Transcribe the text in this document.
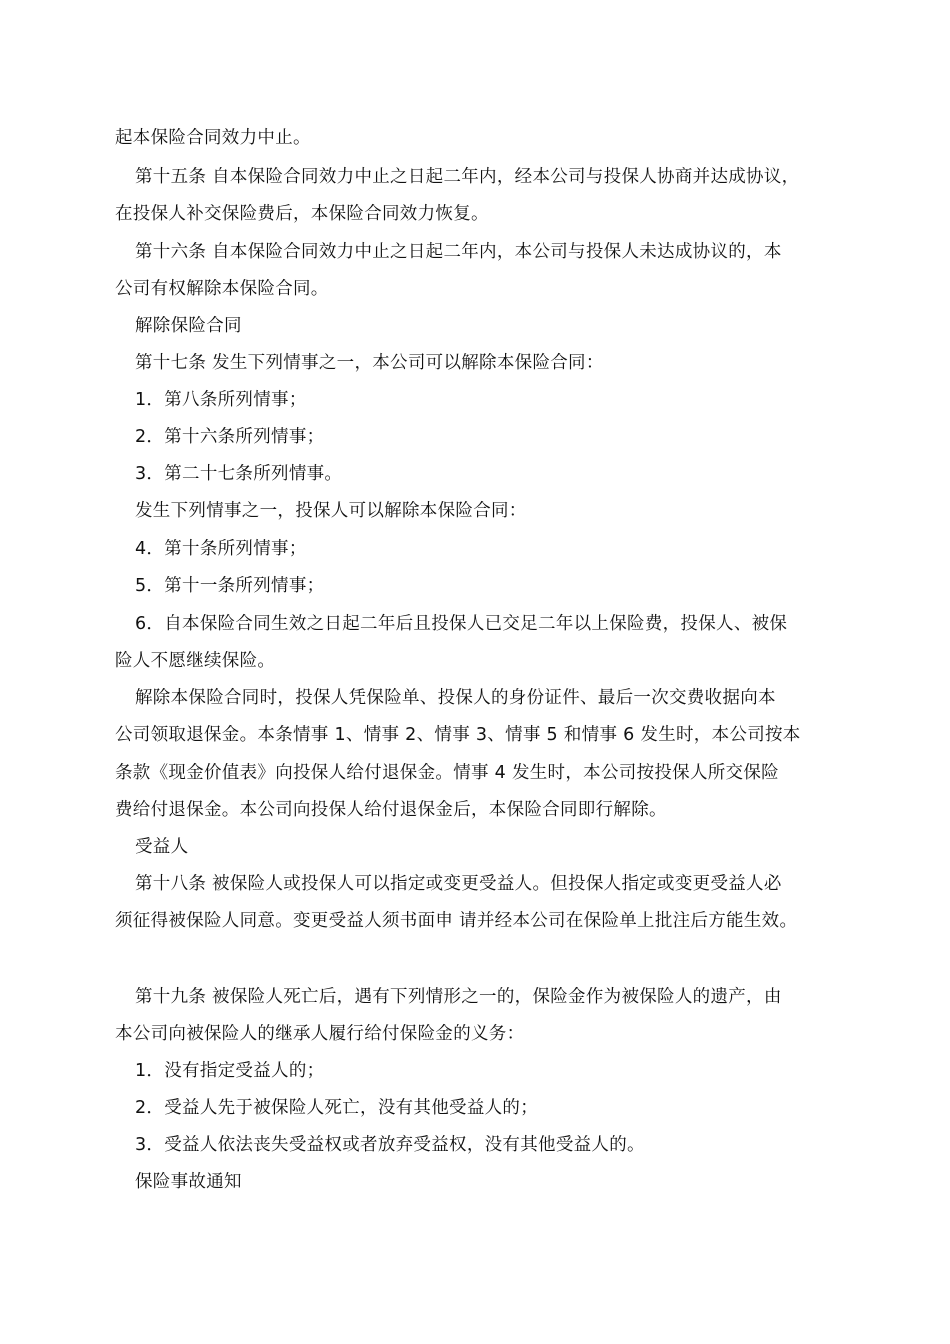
起本保险合同效力中止。
第十五条 自本保险合同效力中止之日起二年内，经本公司与投保人协商并达成协议，
在投保人补交保险费后，本保险合同效力恢复。
第十六条 自本保险合同效力中止之日起二年内，本公司与投保人未达成协议的，本
公司有权解除本保险合同。
解除保险合同
第十七条 发生下列情事之一，本公司可以解除本保险合同：
1．第八条所列情事；
2．第十六条所列情事；
3．第二十七条所列情事。
发生下列情事之一，投保人可以解除本保险合同：
4．第十条所列情事；
5．第十一条所列情事；
6．自本保险合同生效之日起二年后且投保人已交足二年以上保险费，投保人、被保
险人不愿继续保险。
解除本保险合同时，投保人凭保险单、投保人的身份证件、最后一次交费收据向本
公司领取退保金。本条情事 1、情事 2、情事 3、情事 5 和情事 6 发生时，本公司按本
条款《现金价值表》向投保人给付退保金。情事 4 发生时，本公司按投保人所交保险
费给付退保金。本公司向投保人给付退保金后，本保险合同即行解除。
受益人
第十八条 被保险人或投保人可以指定或变更受益人。但投保人指定或变更受益人必
须征得被保险人同意。变更受益人须书面申 请并经本公司在保险单上批注后方能生效。
第十九条 被保险人死亡后，遇有下列情形之一的，保险金作为被保险人的遗产，由
本公司向被保险人的继承人履行给付保险金的义务：
1．没有指定受益人的；
2．受益人先于被保险人死亡，没有其他受益人的；
3．受益人依法丧失受益权或者放弃受益权，没有其他受益人的。
保险事故通知
